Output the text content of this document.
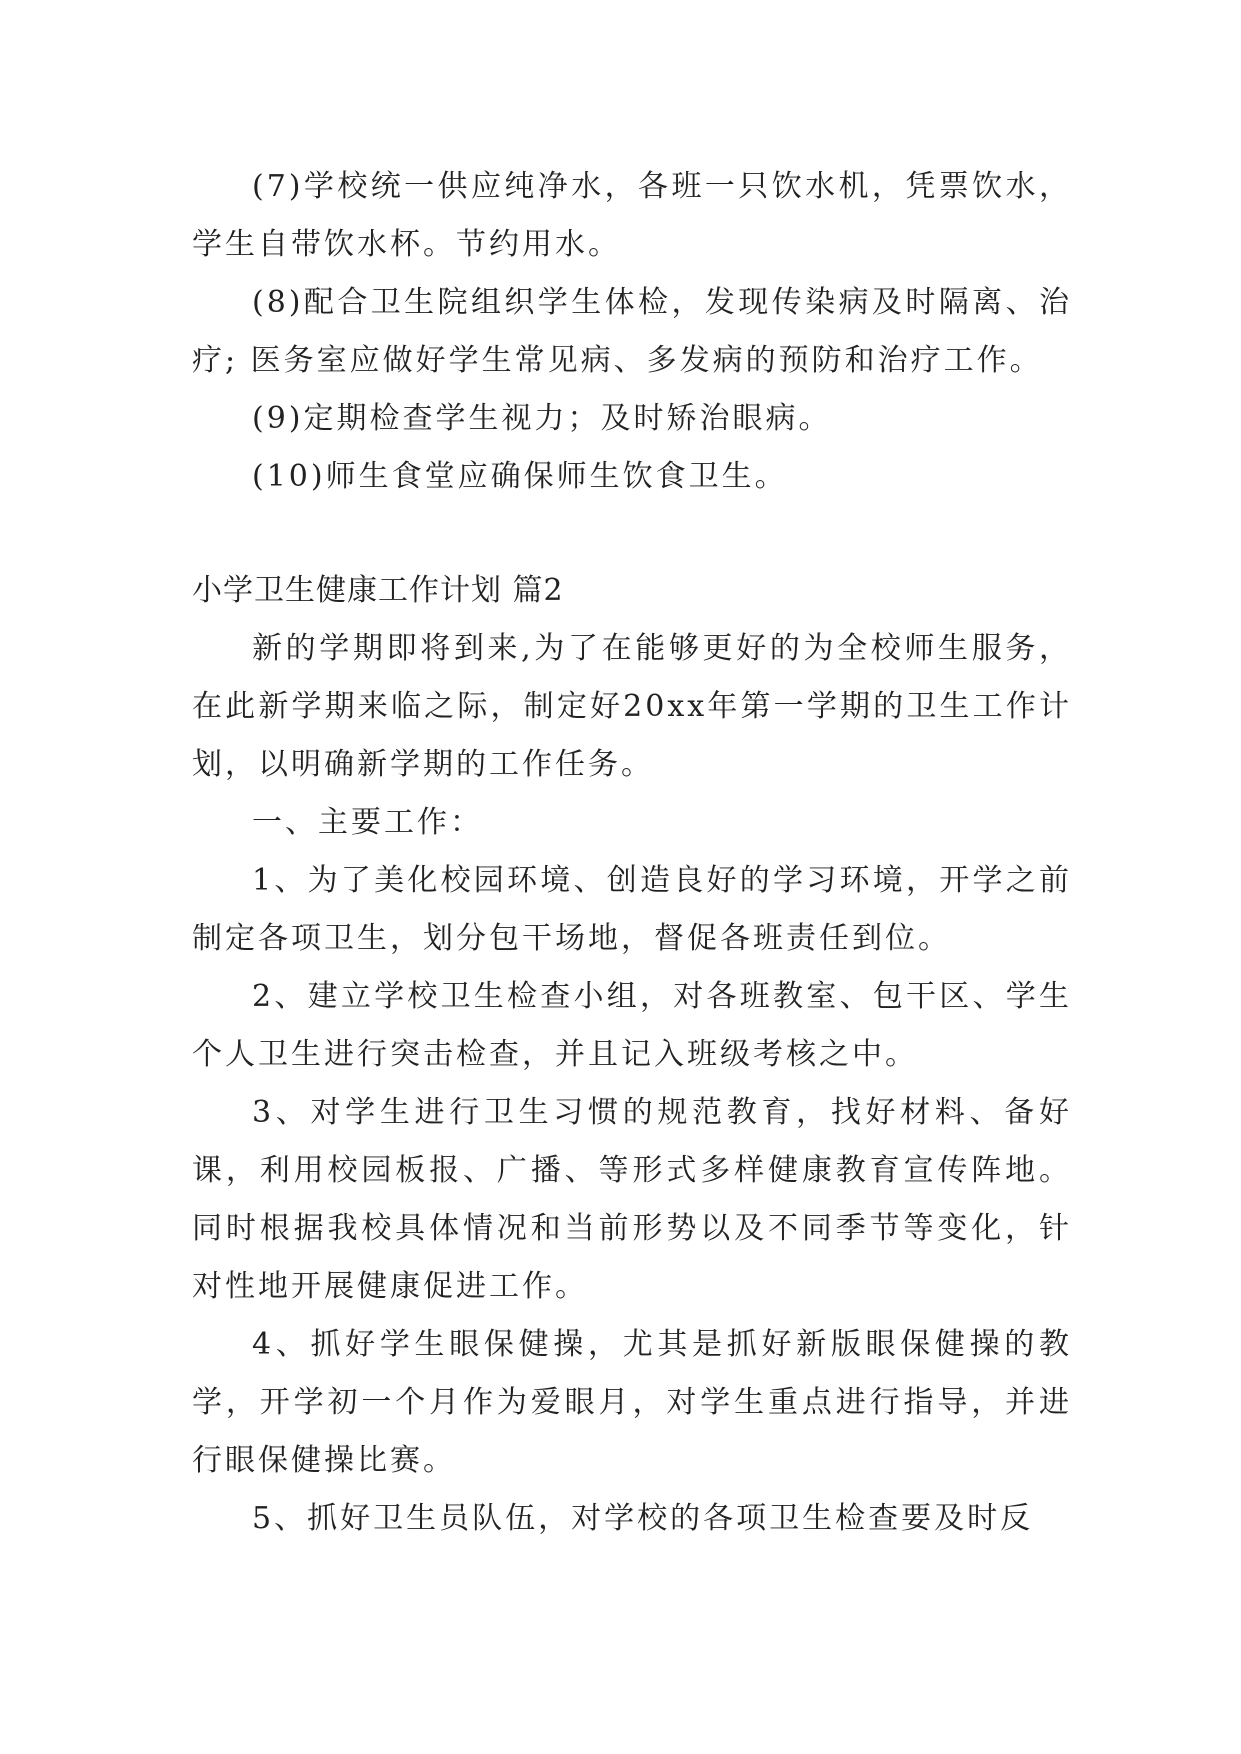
(7)学校统一供应纯净水，各班一只饮水机，凭票饮水，学生自带饮水杯。节约用水。

(8)配合卫生院组织学生体检，发现传染病及时隔离、治疗; 医务室应做好学生常见病、多发病的预防和治疗工作。

(9)定期检查学生视力；及时矫治眼病。

(10)师生食堂应确保师生饮食卫生。

小学卫生健康工作计划 篇2

新的学期即将到来,为了在能够更好的为全校师生服务，在此新学期来临之际，制定好20xx年第一学期的卫生工作计划，以明确新学期的工作任务。

一、主要工作：

1、为了美化校园环境、创造良好的学习环境，开学之前制定各项卫生，划分包干场地，督促各班责任到位。

2、建立学校卫生检查小组，对各班教室、包干区、学生个人卫生进行突击检查，并且记入班级考核之中。

3、对学生进行卫生习惯的规范教育，找好材料、备好课，利用校园板报、广播、等形式多样健康教育宣传阵地。同时根据我校具体情况和当前形势以及不同季节等变化，针对性地开展健康促进工作。

4、抓好学生眼保健操，尤其是抓好新版眼保健操的教学，开学初一个月作为爱眼月，对学生重点进行指导，并进行眼保健操比赛。

5、抓好卫生员队伍，对学校的各项卫生检查要及时反
